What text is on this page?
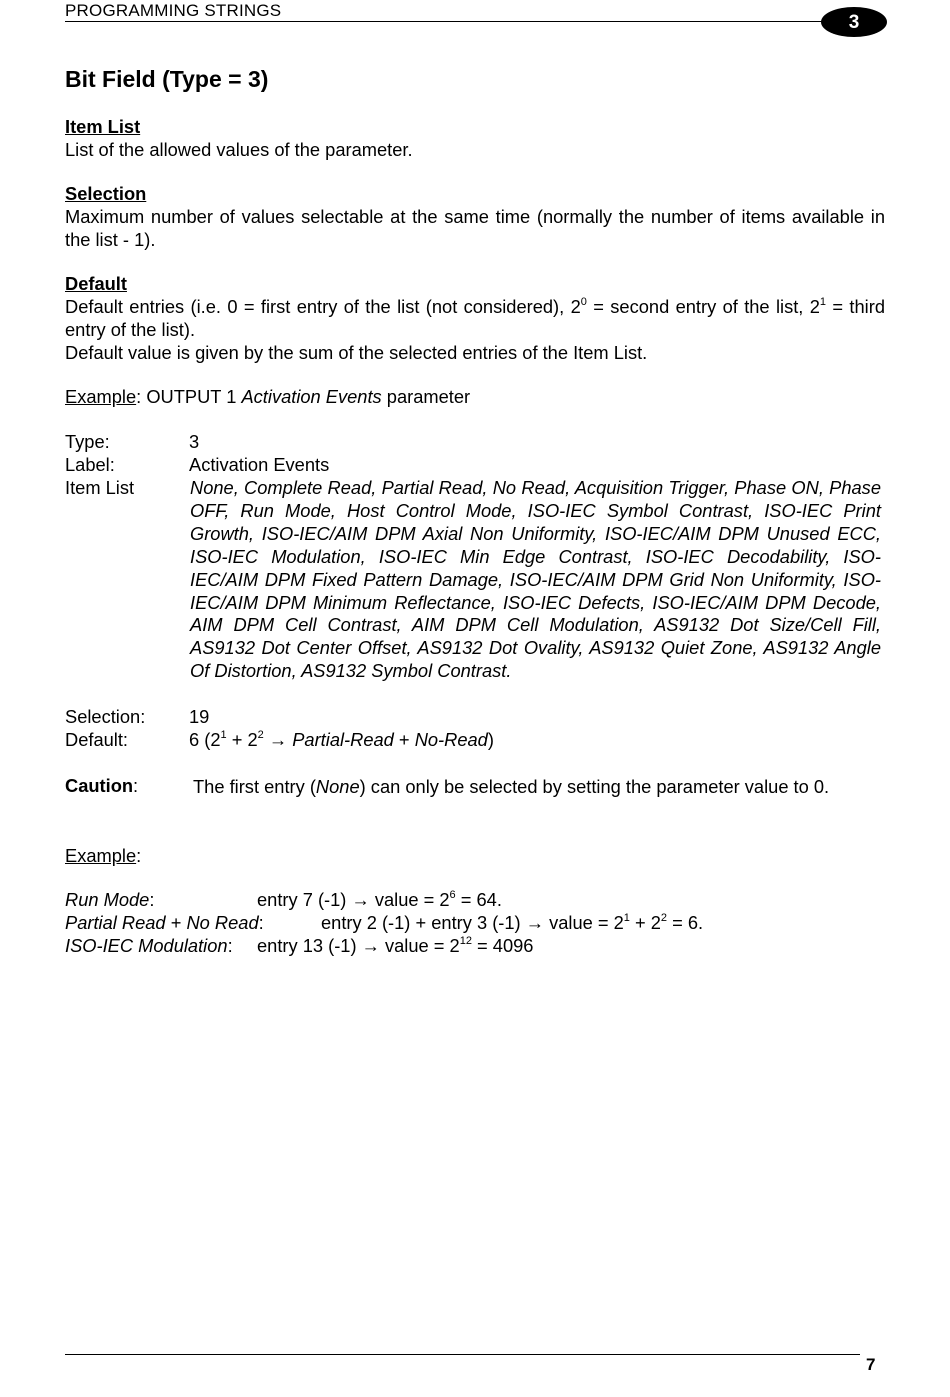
PROGRAMMING STRINGS
3
Bit Field (Type = 3)
Item List
List of the allowed values of the parameter.
Selection
Maximum number of values selectable at the same time (normally the number of items available in the list - 1).
Default
Default entries (i.e. 0 = first entry of the list (not considered), $2^0$ = second entry of the list, $2^1$ = third entry of the list).
Default value is given by the sum of the selected entries of the Item List.
Example: OUTPUT 1 Activation Events parameter
Type:	3
Label:	Activation Events
Item List	None, Complete Read, Partial Read, No Read, Acquisition Trigger, Phase ON, Phase OFF, Run Mode, Host Control Mode, ISO-IEC Symbol Contrast, ISO-IEC Print Growth, ISO-IEC/AIM DPM Axial Non Uniformity, ISO-IEC/AIM DPM Unused ECC, ISO-IEC Modulation, ISO-IEC Min Edge Contrast, ISO-IEC Decodability, ISO-IEC/AIM DPM Fixed Pattern Damage, ISO-IEC/AIM DPM Grid Non Uniformity, ISO-IEC/AIM DPM Minimum Reflectance, ISO-IEC Defects, ISO-IEC/AIM DPM Decode, AIM DPM Cell Contrast, AIM DPM Cell Modulation, AS9132 Dot Size/Cell Fill, AS9132 Dot Center Offset, AS9132 Dot Ovality, AS9132 Quiet Zone, AS9132 Angle Of Distortion, AS9132 Symbol Contrast.
Selection: 19
Default:	6 ($2^1 + 2^2$ → Partial-Read + No-Read)
Caution:	The first entry (None) can only be selected by setting the parameter value to 0.
Example:
Run Mode:	entry 7 (-1) → value = $2^6 = 64$.
Partial Read + No Read:	entry 2 (-1) + entry 3 (-1) → value = $2^1 + 2^2 = 6$.
ISO-IEC Modulation: entry 13 (-1) → value = $2^{12} = 4096$
7
